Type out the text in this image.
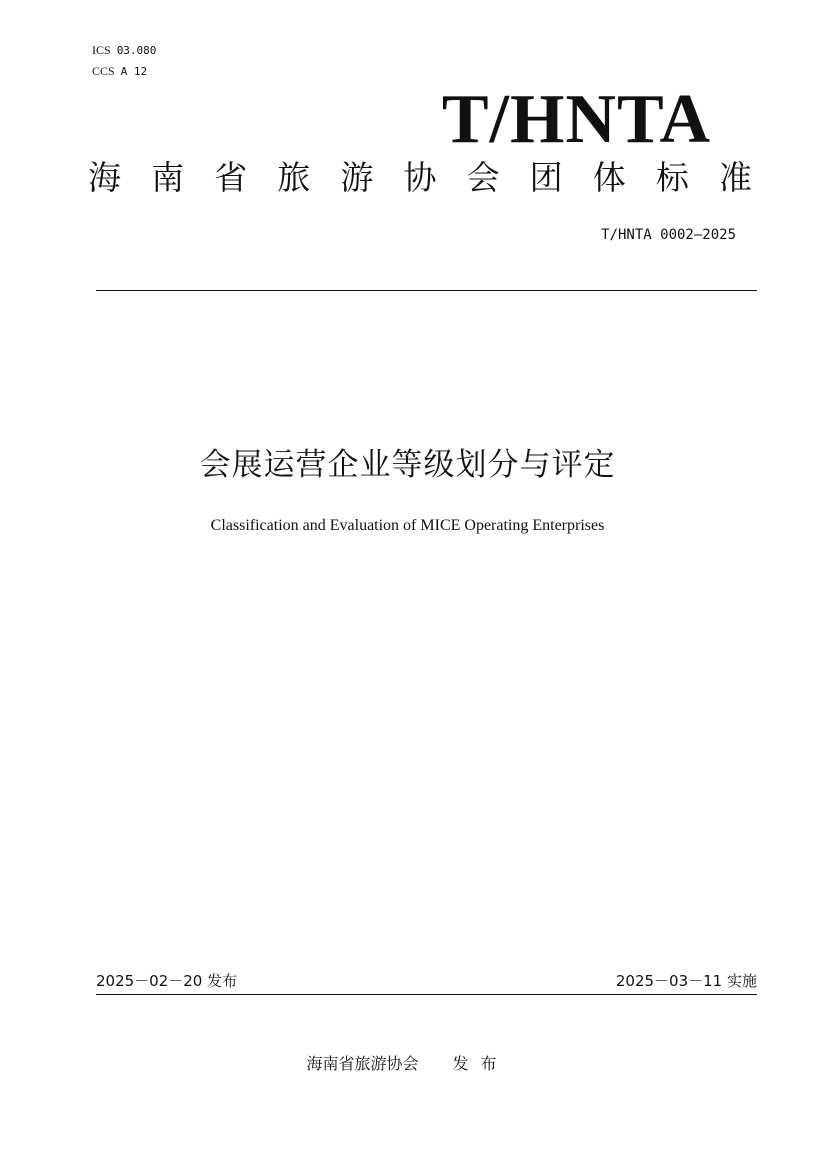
ICS 03.080
CCS A 12
T/HNTA
海 南 省 旅 游 协 会 团 体 标 准
T/HNTA 0002—2025
会展运营企业等级划分与评定
Classification and Evaluation of MICE Operating Enterprises
2025－02－20 发布	2025－03－11 实施
海南省旅游协会 发布
